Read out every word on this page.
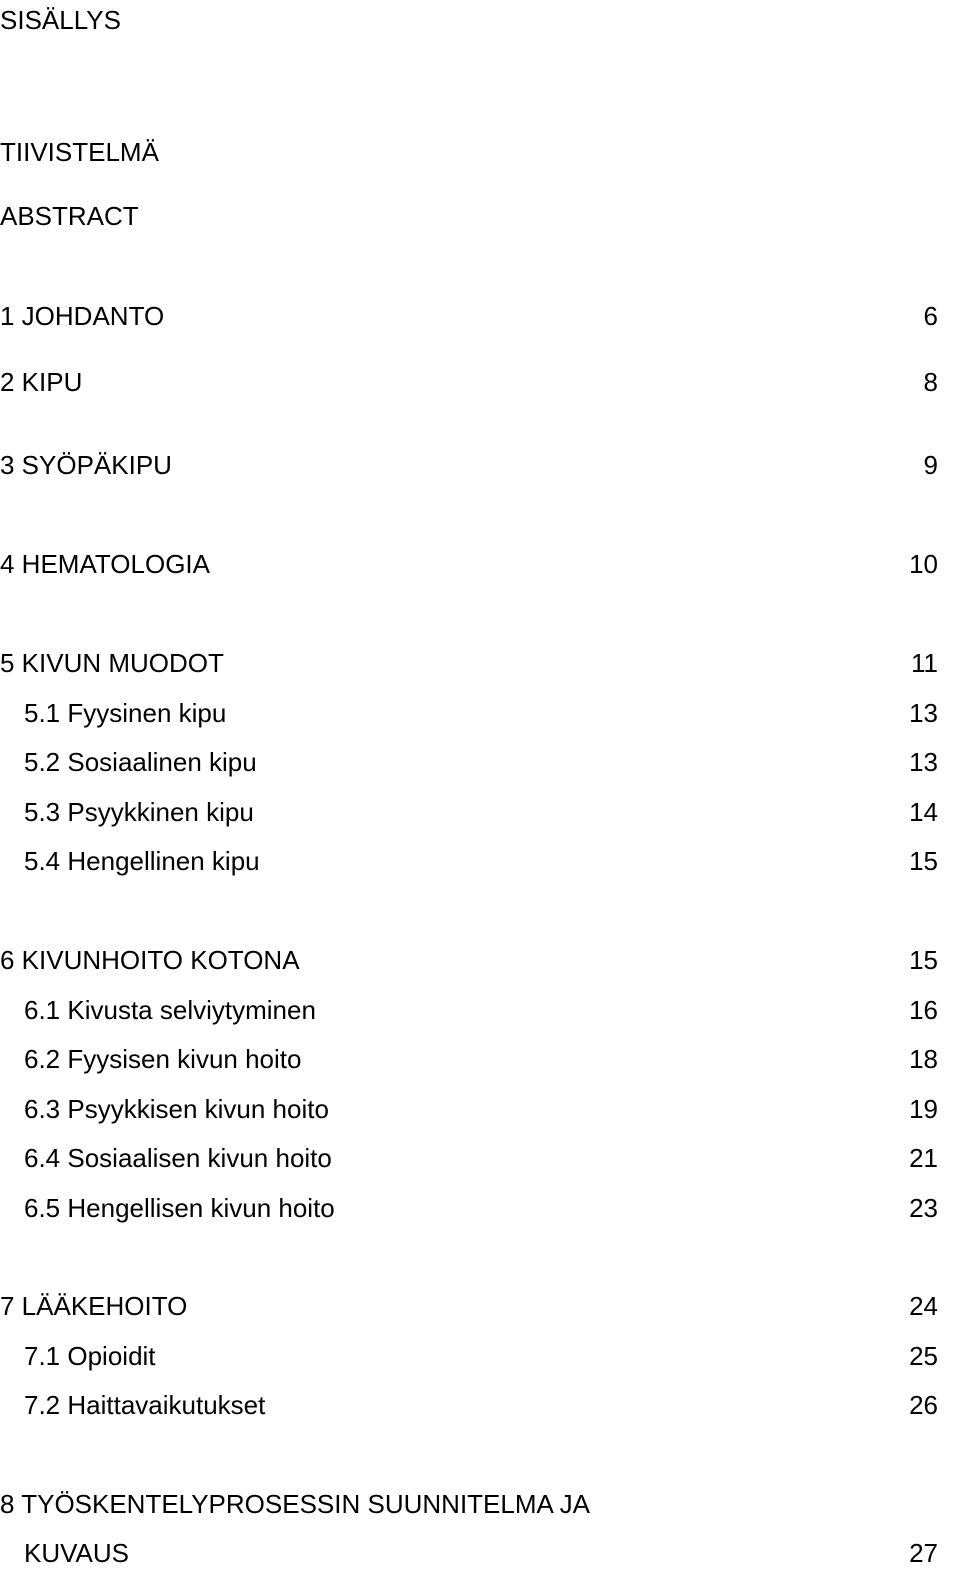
SISÄLLYS
TIIVISTELMÄ
ABSTRACT
1 JOHDANTO	6
2 KIPU	8
3 SYÖPÄKIPU	9
4 HEMATOLOGIA	10
5 KIVUN MUODOT	11
5.1 Fyysinen kipu	13
5.2 Sosiaalinen kipu	13
5.3 Psyykkinen kipu	14
5.4 Hengellinen kipu	15
6 KIVUNHOITO KOTONA	15
6.1 Kivusta selviytyminen	16
6.2 Fyysisen kivun hoito	18
6.3 Psyykkisen kivun hoito	19
6.4 Sosiaalisen kivun hoito	21
6.5 Hengellisen kivun hoito	23
7 LÄÄKEHOITO	24
7.1 Opioidit	25
7.2 Haittavaikutukset	26
8 TYÖSKENTELYPROSESSIN SUUNNITELMA JA
KUVAUS	27
